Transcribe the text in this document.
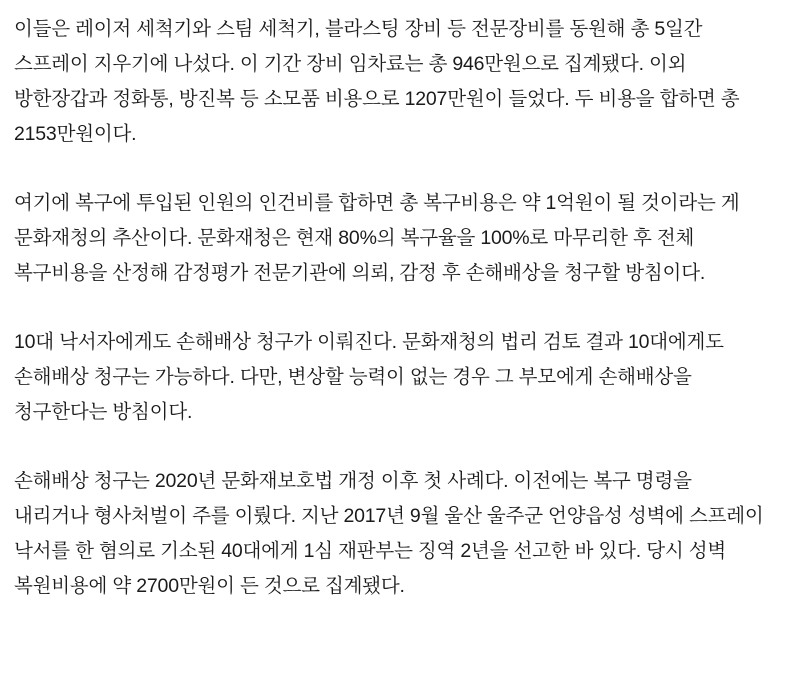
이들은 레이저 세척기와 스팀 세척기, 블라스팅 장비 등 전문장비를 동원해 총 5일간 스프레이 지우기에 나섰다. 이 기간 장비 임차료는 총 946만원으로 집계됐다. 이외 방한장갑과 정화통, 방진복 등 소모품 비용으로 1207만원이 들었다. 두 비용을 합하면 총 2153만원이다.

여기에 복구에 투입된 인원의 인건비를 합하면 총 복구비용은 약 1억원이 될 것이라는 게 문화재청의 추산이다. 문화재청은 현재 80%의 복구율을 100%로 마무리한 후 전체 복구비용을 산정해 감정평가 전문기관에 의뢰, 감정 후 손해배상을 청구할 방침이다.

10대 낙서자에게도 손해배상 청구가 이뤄진다. 문화재청의 법리 검토 결과 10대에게도 손해배상 청구는 가능하다. 다만, 변상할 능력이 없는 경우 그 부모에게 손해배상을 청구한다는 방침이다.

손해배상 청구는 2020년 문화재보호법 개정 이후 첫 사례다. 이전에는 복구 명령을 내리거나 형사처벌이 주를 이뤘다. 지난 2017년 9월 울산 울주군 언양읍성 성벽에 스프레이 낙서를 한 혐의로 기소된 40대에게 1심 재판부는 징역 2년을 선고한 바 있다. 당시 성벽 복원비용에 약 2700만원이 든 것으로 집계됐다.
